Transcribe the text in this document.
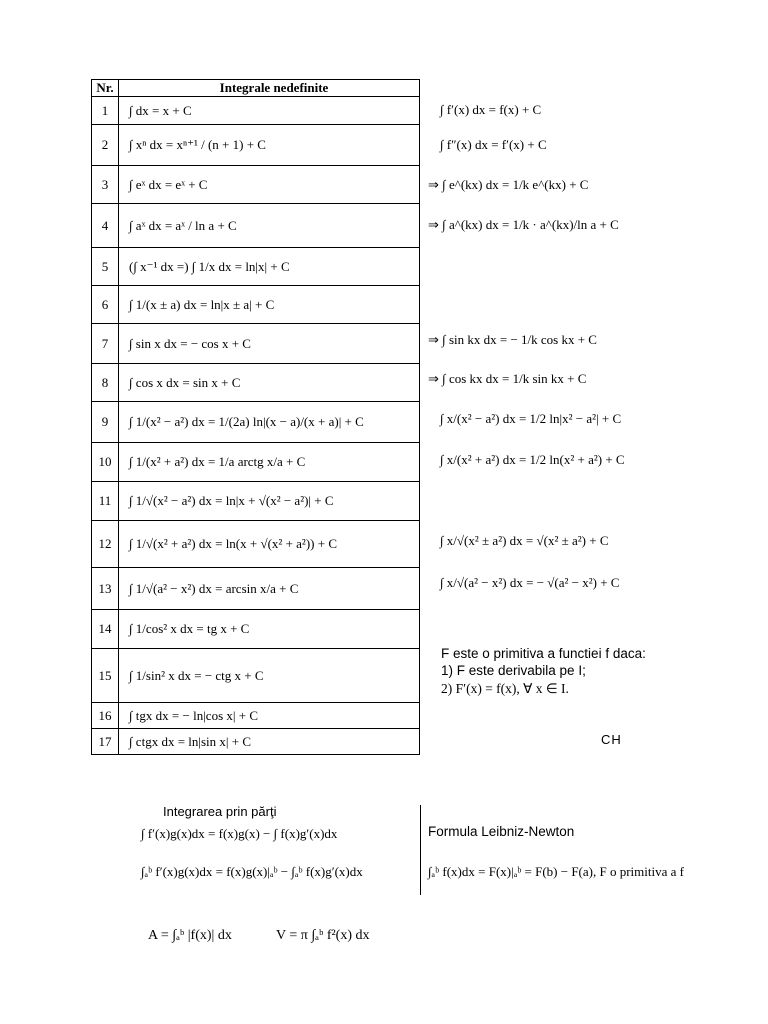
Nr.	Integrale nedefinite
1	∫ dx = x + C
2	∫ xⁿ dx = xⁿ⁺¹ / (n + 1) + C
3	∫ eˣ dx = eˣ + C
4	∫ aˣ dx = aˣ / ln a + C
5	(∫ x⁻¹ dx =) ∫ 1/x dx = ln|x| + C
6	∫ 1/(x ± a) dx = ln|x ± a| + C
7	∫ sin x dx = − cos x + C
8	∫ cos x dx = sin x + C
9	∫ 1/(x² − a²) dx = 1/(2a) ln|(x − a)/(x + a)| + C
10	∫ 1/(x² + a²) dx = 1/a arctg x/a + C
11	∫ 1/√(x² − a²) dx = ln|x + √(x² − a²)| + C
12	∫ 1/√(x² + a²) dx = ln(x + √(x² + a²)) + C
13	∫ 1/√(a² − x²) dx = arcsin x/a + C
14	∫ 1/cos² x dx = tg x + C
15	∫ 1/sin² x dx = − ctg x + C
16	∫ tgx dx = − ln|cos x| + C
17	∫ ctgx dx = ln|sin x| + C
∫ f′(x) dx = f(x) + C
∫ f″(x) dx = f′(x) + C
⇒ ∫ e^(kx) dx = 1/k e^(kx) + C
⇒ ∫ a^(kx) dx = 1/k · a^(kx)/ln a + C
⇒ ∫ sin kx dx = − 1/k cos kx + C
⇒ ∫ cos kx dx = 1/k sin kx + C
∫ x/(x² − a²) dx = 1/2 ln|x² − a²| + C
∫ x/(x² + a²) dx = 1/2 ln(x² + a²) + C
∫ x/√(x² ± a²) dx = √(x² ± a²) + C
∫ x/√(a² − x²) dx = − √(a² − x²) + C
F este o primitiva a functiei f daca:
1) F este derivabila pe I;
2) F′(x) = f(x), ∀ x ∈ I.
CH
Integrarea prin părţi
∫ f′(x)g(x)dx = f(x)g(x) − ∫ f(x)g′(x)dx
∫ₐᵇ f′(x)g(x)dx = f(x)g(x)|ₐᵇ − ∫ₐᵇ f(x)g′(x)dx
Formula Leibniz-Newton
∫ₐᵇ f(x)dx = F(x)|ₐᵇ = F(b) − F(a), F o primitiva a f
A = ∫ₐᵇ |f(x)| dx	V = π ∫ₐᵇ f²(x) dx
